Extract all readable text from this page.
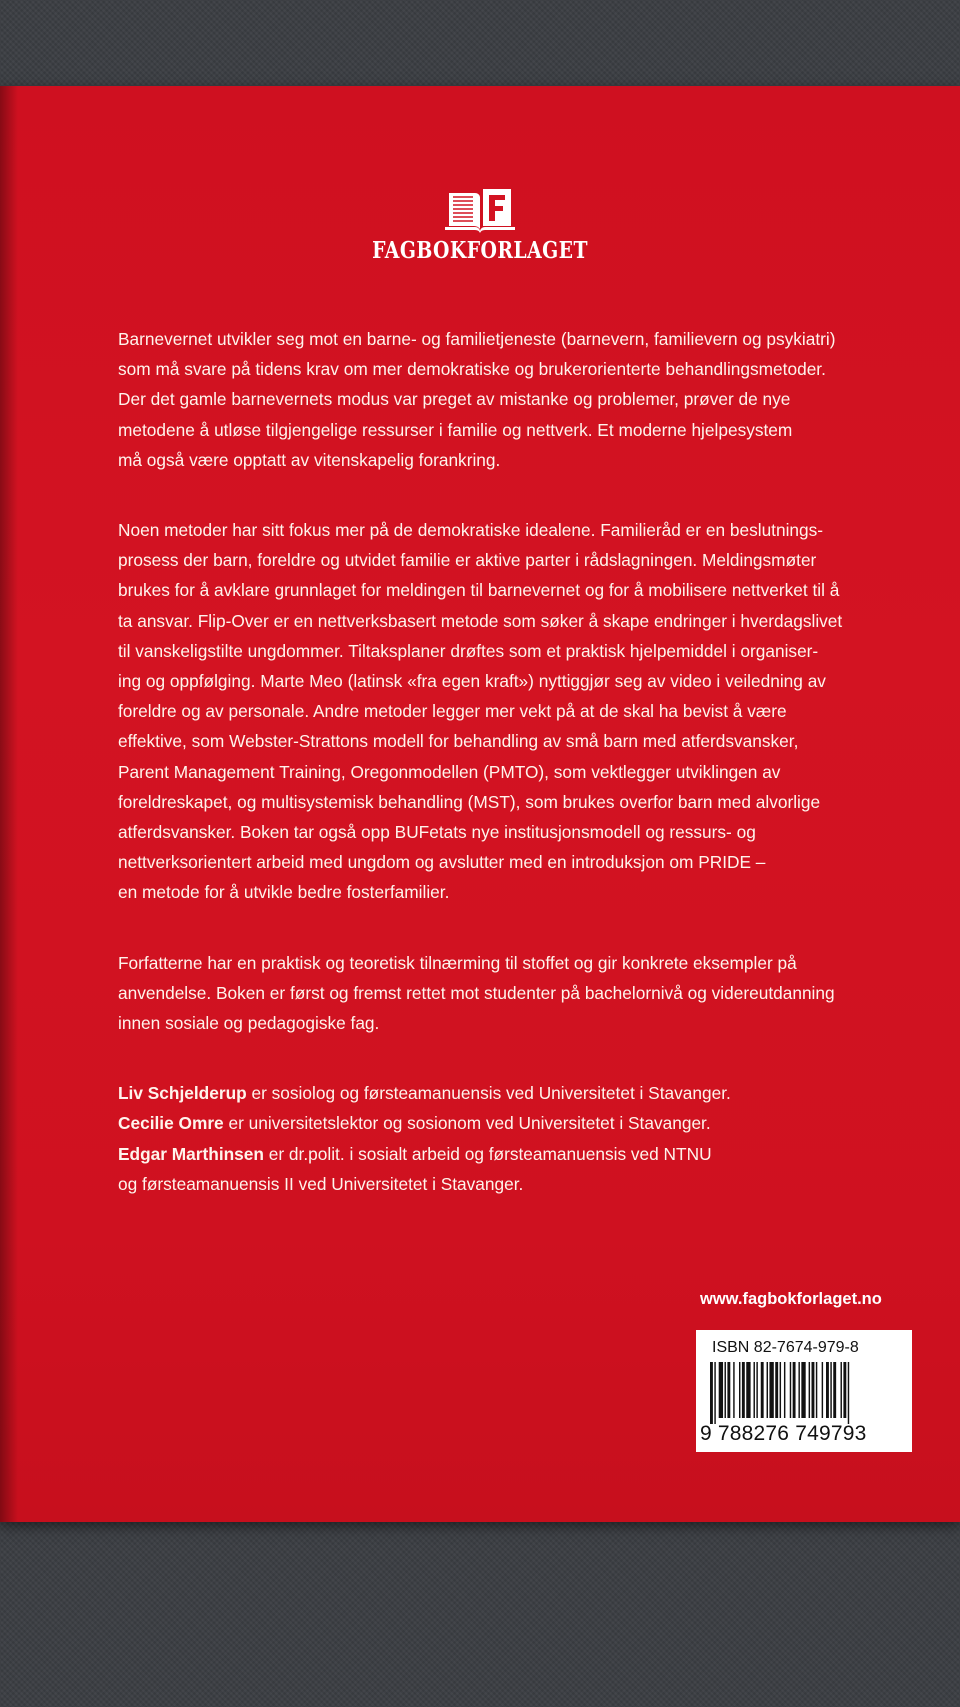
FAGBOKFORLAGET

Barnevernet utvikler seg mot en barne- og familietjeneste (barnevern, familievern og psykiatri)
som må svare på tidens krav om mer demokratiske og brukerorienterte behandlingsmetoder.
Der det gamle barnevernets modus var preget av mistanke og problemer, prøver de nye
metodene å utløse tilgjengelige ressurser i familie og nettverk. Et moderne hjelpesystem
må også være opptatt av vitenskapelig forankring.

Noen metoder har sitt fokus mer på de demokratiske idealene. Familieråd er en beslutnings-
prosess der barn, foreldre og utvidet familie er aktive parter i rådslagningen. Meldingsmøter
brukes for å avklare grunnlaget for meldingen til barnevernet og for å mobilisere nettverket til å
ta ansvar. Flip-Over er en nettverksbasert metode som søker å skape endringer i hverdagslivet
til vanskeligstilte ungdommer. Tiltaksplaner drøftes som et praktisk hjelpemiddel i organiser-
ing og oppfølging. Marte Meo (latinsk «fra egen kraft») nyttiggjør seg av video i veiledning av
foreldre og av personale. Andre metoder legger mer vekt på at de skal ha bevist å være
effektive, som Webster-Strattons modell for behandling av små barn med atferdsvansker,
Parent Management Training, Oregonmodellen (PMTO), som vektlegger utviklingen av
foreldreskapet, og multisystemisk behandling (MST), som brukes overfor barn med alvorlige
atferdsvansker. Boken tar også opp BUFetats nye institusjonsmodell og ressurs- og
nettverksorientert arbeid med ungdom og avslutter med en introduksjon om PRIDE –
en metode for å utvikle bedre fosterfamilier.

Forfatterne har en praktisk og teoretisk tilnærming til stoffet og gir konkrete eksempler på
anvendelse. Boken er først og fremst rettet mot studenter på bachelornivå og videreutdanning
innen sosiale og pedagogiske fag.

Liv Schjelderup er sosiolog og førsteamanuensis ved Universitetet i Stavanger.
Cecilie Omre er universitetslektor og sosionom ved Universitetet i Stavanger.
Edgar Marthinsen er dr.polit. i sosialt arbeid og førsteamanuensis ved NTNU
og førsteamanuensis II ved Universitetet i Stavanger.
www.fagbokforlaget.no
ISBN 82-7674-979-8
9 788276 749793
